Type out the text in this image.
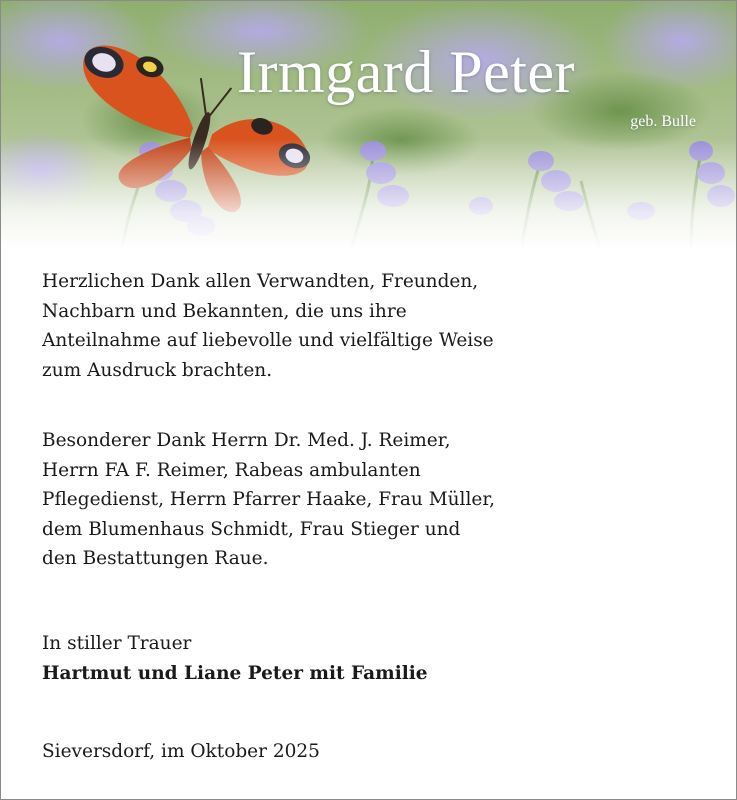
Irmgard Peter
geb. Bulle
Herzlichen Dank allen Verwandten, Freunden,
Nachbarn und Bekannten, die uns ihre
Anteilnahme auf liebevolle und vielfältige Weise
zum Ausdruck brachten.
Besonderer Dank Herrn Dr. Med. J. Reimer,
Herrn FA F. Reimer, Rabeas ambulanten
Pflegedienst, Herrn Pfarrer Haake, Frau Müller,
dem Blumenhaus Schmidt, Frau Stieger und
den Bestattungen Raue.
In stiller Trauer
Hartmut und Liane Peter mit Familie
Sieversdorf, im Oktober 2025
